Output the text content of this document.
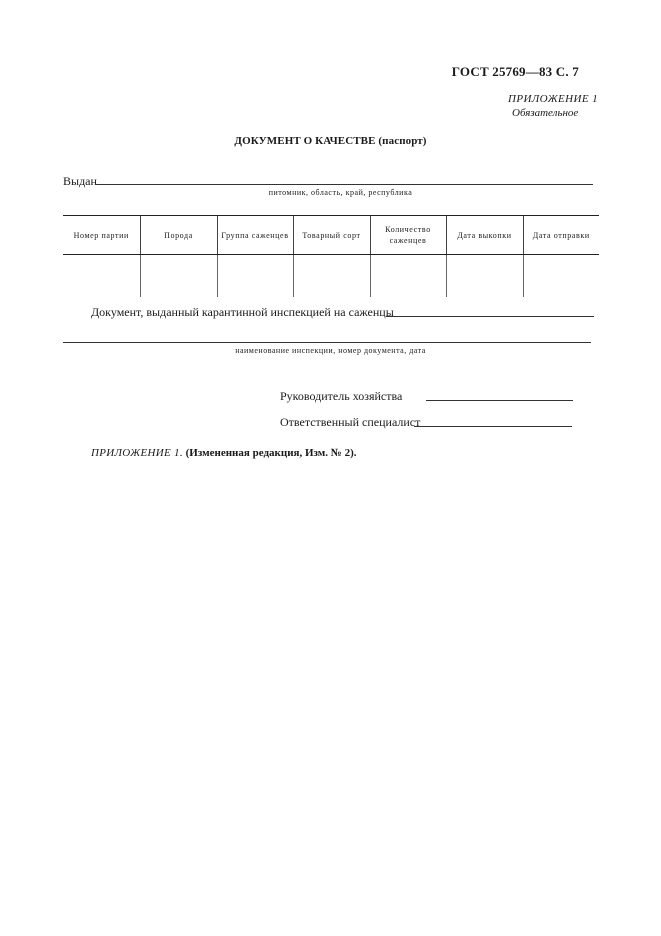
ГОСТ 25769—83 С. 7
ПРИЛОЖЕНИЕ 1
Обязательное
ДОКУМЕНТ О КАЧЕСТВЕ (паспорт)
Выдан
питомник, область, край, республика
Номер партии	Порода	Группа саженцев	Товарный сорт	Количество саженцев	Дата выкопки	Дата отправки

Документ, выданный карантинной инспекцией на саженцы
наименование инспекции, номер документа, дата
Руководитель хозяйства
Ответственный специалист
ПРИЛОЖЕНИЕ 1. (Измененная редакция, Изм. № 2).
